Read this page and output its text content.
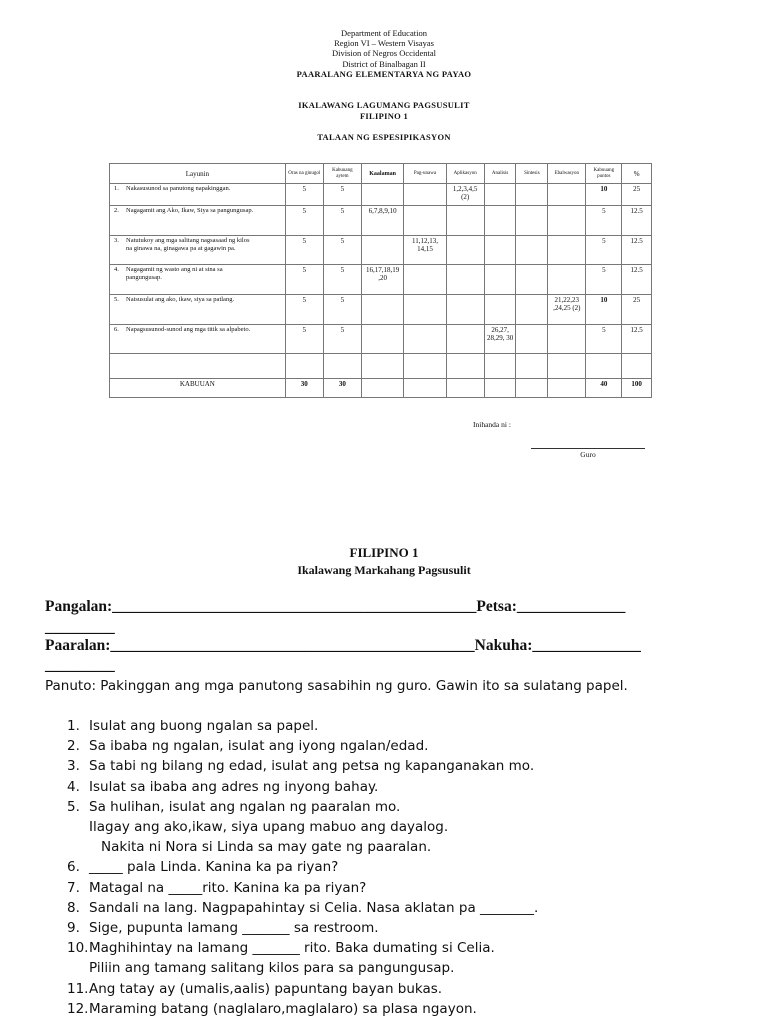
Department of Education
Region VI – Western Visayas
Division of Negros Occidental
District of Binalbagan II
PAARALANG ELEMENTARYA NG PAYAO
IKALAWANG LAGUMANG PAGSUSULIT
FILIPINO 1
TALAAN NG ESPESIPIKASYON
Layunin	Oras na ginugol	Kabuuang aytem	Kaalaman	Pag-unawa	Aplikasyon	Analisis	Sintesis	Ebalwasyon	Kabuuang puntos	%
1. Nakasusunod sa panutong napakinggan.	5	5			1,2,3,4,5 (2)				10	25
2. Nagagamit ang Ako, Ikaw, Siya sa pangungusap.	5	5	6,7,8,9,10						5	12.5
3. Natutukoy ang mga salitang nagsasaad ng kilos na ginawa na, ginagawa pa at gagawin pa.	5	5		11,12,13, 14,15					5	12.5
4. Nagagamit ng wasto ang ni at sina sa pangungusap.	5	5	16,17,18,19 ,20						5	12.5
5. Naisusulat ang ako, ikaw, siya sa patlang.	5	5						21,22,23 ,24,25 (2)	10	25
6. Napagsusunod-sunod ang mga titik sa alpabeto.	5	5				26,27, 28,29, 30			5	12.5

KABUUAN	30	30							40	100
Inihanda ni :
Guro
FILIPINO 1
Ikalawang Markahang Pagsusulit
Pangalan:_______________________________________________Petsa:______________
_________
Paaralan:_______________________________________________Nakuha:______________
_________
Panuto: Pakinggan ang mga panutong sasabihin ng guro. Gawin ito sa sulatang papel.
1. Isulat ang buong ngalan sa papel.
2. Sa ibaba ng ngalan, isulat ang iyong ngalan/edad.
3. Sa tabi ng bilang ng edad, isulat ang petsa ng kapanganakan mo.
4. Isulat sa ibaba ang adres ng inyong bahay.
5. Sa hulihan, isulat ang ngalan ng paaralan mo.
Ilagay ang ako,ikaw, siya upang mabuo ang dayalog.
Nakita ni Nora si Linda sa may gate ng paaralan.
6. _____ pala Linda. Kanina ka pa riyan?
7. Matagal na _____rito. Kanina ka pa riyan?
8. Sandali na lang. Nagpapahintay si Celia. Nasa aklatan pa ________.
9. Sige, pupunta lamang _______ sa restroom.
10.Maghihintay na lamang _______ rito. Baka dumating si Celia.
Piliin ang tamang salitang kilos para sa pangungusap.
11.Ang tatay ay (umalis,aalis) papuntang bayan bukas.
12.Maraming batang (naglalaro,maglalaro) sa plasa ngayon.
